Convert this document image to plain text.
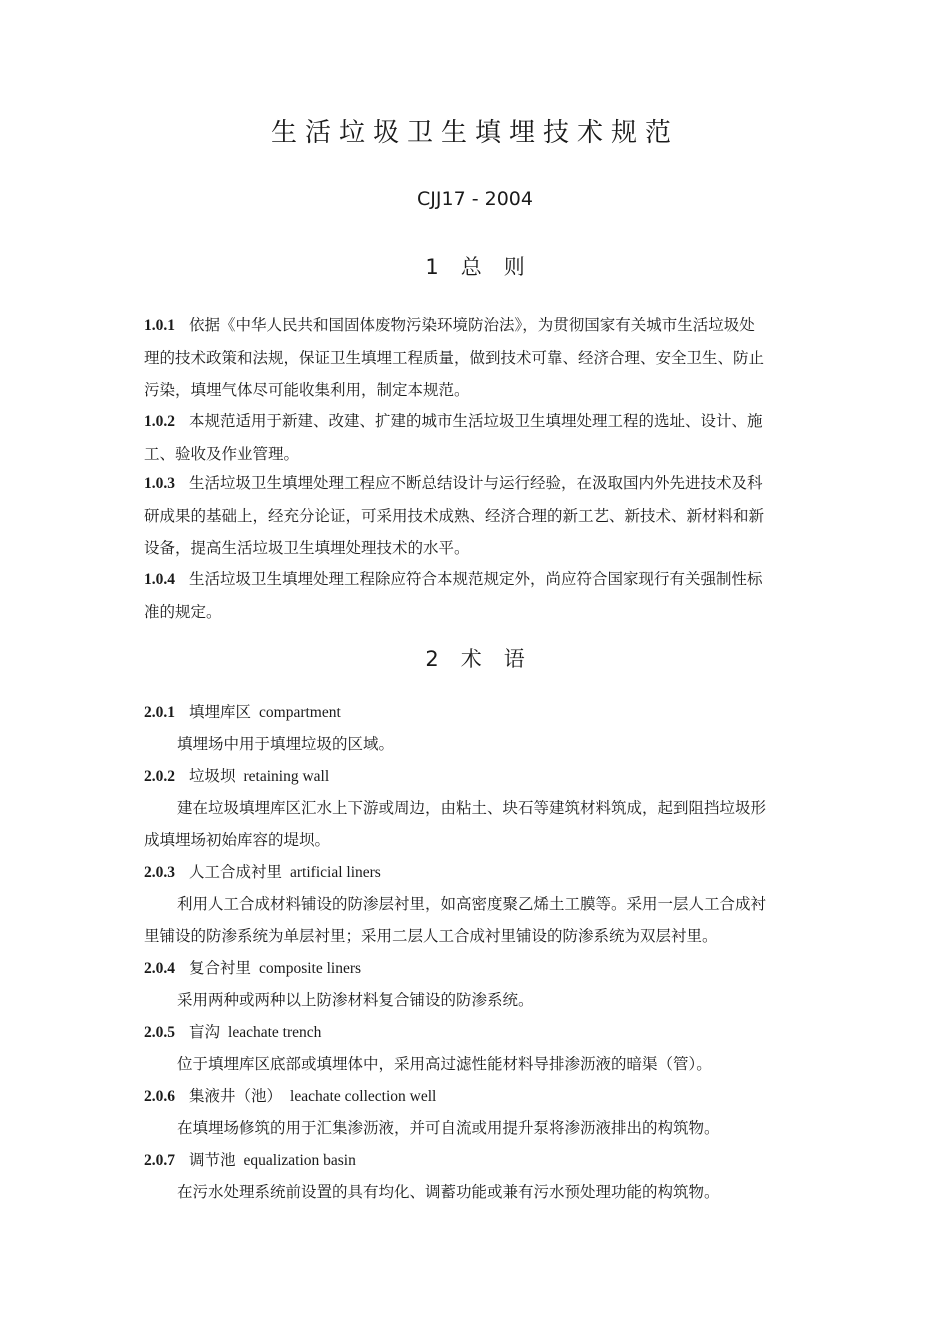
生活垃圾卫生填埋技术规范
CJJ17 - 2004
1 总 则
1.0.1 依据《中华人民共和国固体废物污染环境防治法》，为贯彻国家有关城市生活垃圾处
理的技术政策和法规，保证卫生填埋工程质量，做到技术可靠、经济合理、安全卫生、防止
污染，填埋气体尽可能收集利用，制定本规范。
1.0.2 本规范适用于新建、改建、扩建的城市生活垃圾卫生填埋处理工程的选址、设计、施
工、验收及作业管理。
1.0.3 生活垃圾卫生填埋处理工程应不断总结设计与运行经验，在汲取国内外先进技术及科
研成果的基础上，经充分论证，可采用技术成熟、经济合理的新工艺、新技术、新材料和新
设备，提高生活垃圾卫生填埋处理技术的水平。
1.0.4 生活垃圾卫生填埋处理工程除应符合本规范规定外，尚应符合国家现行有关强制性标
准的规定。
2 术 语
2.0.1 填埋库区 compartment
填埋场中用于填埋垃圾的区域。
2.0.2 垃圾坝 retaining wall
建在垃圾填埋库区汇水上下游或周边，由粘土、块石等建筑材料筑成，起到阻挡垃圾形
成填埋场初始库容的堤坝。
2.0.3 人工合成衬里 artificial liners
利用人工合成材料铺设的防渗层衬里，如高密度聚乙烯土工膜等。采用一层人工合成衬
里铺设的防渗系统为单层衬里；采用二层人工合成衬里铺设的防渗系统为双层衬里。
2.0.4 复合衬里 composite liners
采用两种或两种以上防渗材料复合铺设的防渗系统。
2.0.5 盲沟 leachate trench
位于填埋库区底部或填埋体中，采用高过滤性能材料导排渗沥液的暗渠（管）。
2.0.6 集液井（池） leachate collection well
在填埋场修筑的用于汇集渗沥液，并可自流或用提升泵将渗沥液排出的构筑物。
2.0.7 调节池 equalization basin
在污水处理系统前设置的具有均化、调蓄功能或兼有污水预处理功能的构筑物。
